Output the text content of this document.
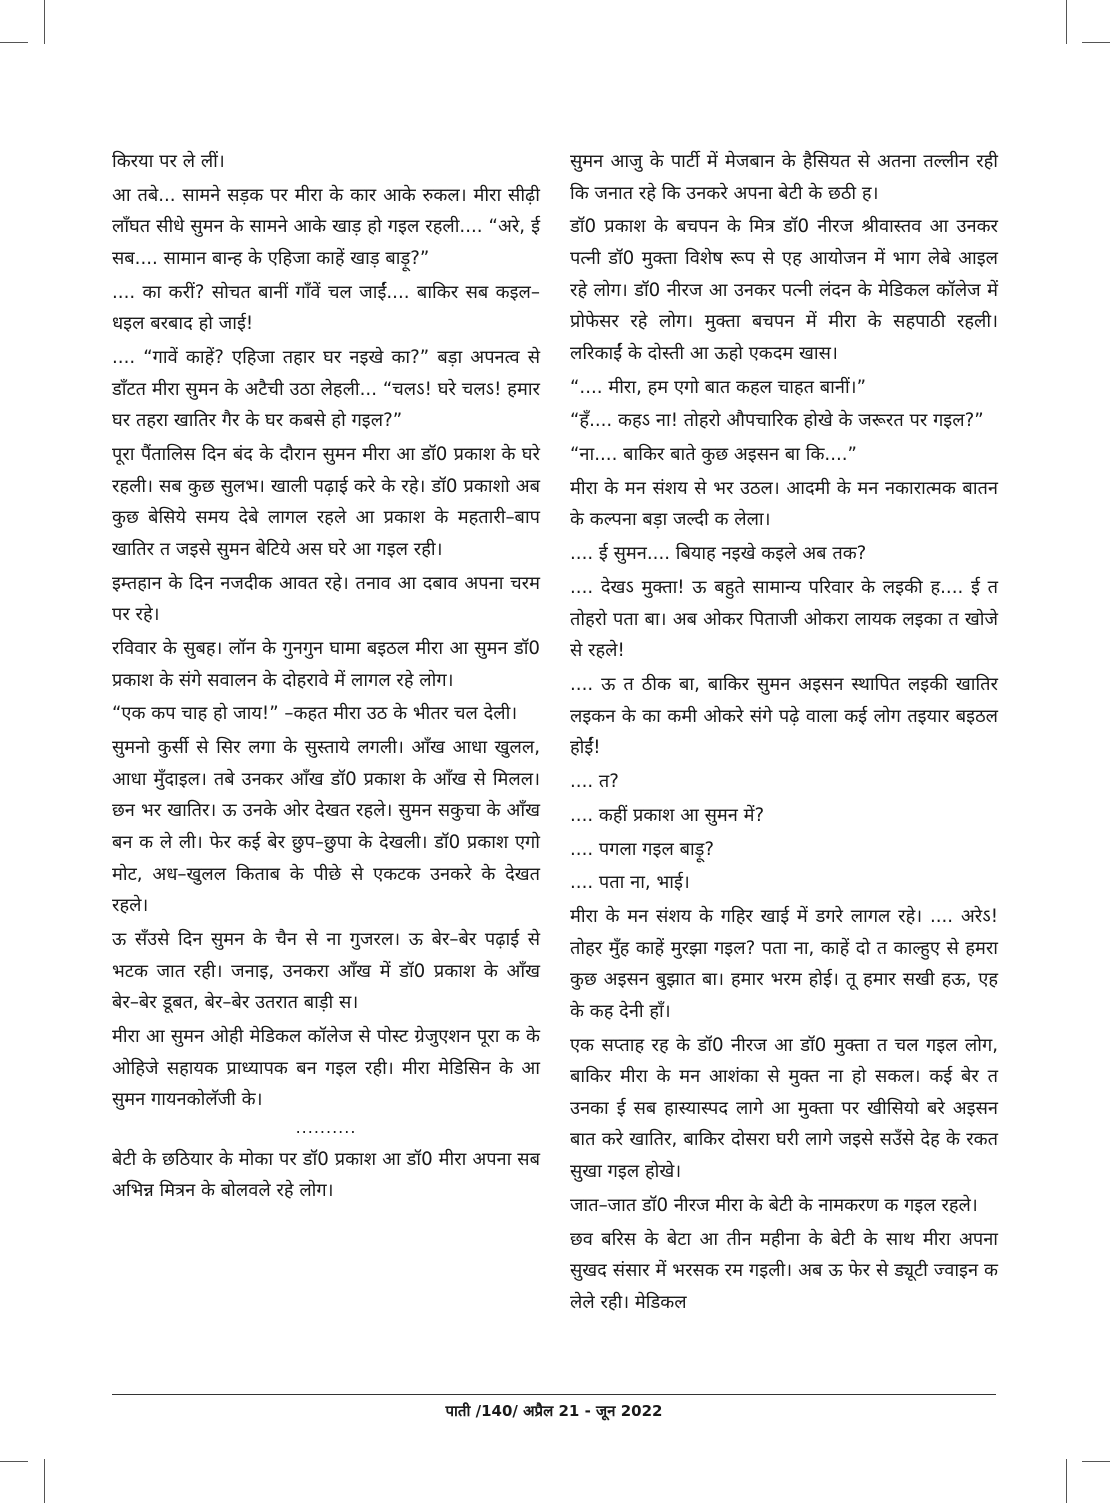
किरया पर ले लीं।

आ तबे... सामने सड़क पर मीरा के कार आके रुकल। मीरा सीढ़ी लाँघत सीधे सुमन के सामने आके खाड़ हो गइल रहली.... “अरे, ई सब.... सामान बान्ह के एहिजा काहें खाड़ बाड़ू?”

.... का करीं? सोचत बानीं गाँवें चल जाईं.... बाकिर सब कइल–धइल बरबाद हो जाई!

.... “गावें काहें? एहिजा तहार घर नइखे का?” बड़ा अपनत्व से डाँटत मीरा सुमन के अटैची उठा लेहली... “चलऽ! घरे चलऽ! हमार घर तहरा खातिर गैर के घर कबसे हो गइल?”

पूरा पैंतालिस दिन बंद के दौरान सुमन मीरा आ डॉ0 प्रकाश के घरे रहली। सब कुछ सुलभ। खाली पढ़ाई करे के रहे। डॉ0 प्रकाशो अब कुछ बेसिये समय देबे लागल रहले आ प्रकाश के महतारी–बाप खातिर त जइसे सुमन बेटिये अस घरे आ गइल रही।

इम्तहान के दिन नजदीक आवत रहे। तनाव आ दबाव अपना चरम पर रहे।

रविवार के सुबह। लॉन के गुनगुन घामा बइठल मीरा आ सुमन डॉ0 प्रकाश के संगे सवालन के दोहरावे में लागल रहे लोग।

“एक कप चाह हो जाय!” –कहत मीरा उठ के भीतर चल देली।

सुमनो कुर्सी से सिर लगा के सुस्ताये लगली। आँख आधा खुलल, आधा मुँदाइल। तबे उनकर आँख डॉ0 प्रकाश के आँख से मिलल। छन भर खातिर। ऊ उनके ओर देखत रहले। सुमन सकुचा के आँख बन क ले ली। फेर कई बेर छुप–छुपा के देखली। डॉ0 प्रकाश एगो मोट, अध–खुलल किताब के पीछे से एकटक उनकरे के देखत रहले।

ऊ सँउसे दिन सुमन के चैन से ना गुजरल। ऊ बेर–बेर पढ़ाई से भटक जात रही। जनाइ, उनकरा आँख में डॉ0 प्रकाश के आँख बेर–बेर डूबत, बेर–बेर उतरात बाड़ी स।

मीरा आ सुमन ओही मेडिकल कॉलेज से पोस्ट ग्रेजुएशन पूरा क के ओहिजे सहायक प्राध्यापक बन गइल रही। मीरा मेडिसिन के आ सुमन गायनकोलॅजी के।

..........

बेटी के छठियार के मोका पर डॉ0 प्रकाश आ डॉ0 मीरा अपना सब अभिन्न मित्रन के बोलवले रहे लोग।

सुमन आजु के पार्टी में मेजबान के हैसियत से अतना तल्लीन रही कि जनात रहे कि उनकरे अपना बेटी के छठी ह।

डॉ0 प्रकाश के बचपन के मित्र डॉ0 नीरज श्रीवास्तव आ उनकर पत्नी डॉ0 मुक्ता विशेष रूप से एह आयोजन में भाग लेबे आइल रहे लोग। डॉ0 नीरज आ उनकर पत्नी लंदन के मेडिकल कॉलेज में प्रोफेसर रहे लोग। मुक्ता बचपन में मीरा के सहपाठी रहली। लरिकाईं के दोस्ती आ ऊहो एकदम खास।

“.... मीरा, हम एगो बात कहल चाहत बानीं।”

“हँ.... कहऽ ना! तोहरो औपचारिक होखे के जरूरत पर गइल?”

“ना.... बाकिर बाते कुछ अइसन बा कि....”

मीरा के मन संशय से भर उठल। आदमी के मन नकारात्मक बातन के कल्पना बड़ा जल्दी क लेला।

.... ई सुमन.... बियाह नइखे कइले अब तक?

.... देखऽ मुक्ता! ऊ बहुते सामान्य परिवार के लइकी ह.... ई त तोहरो पता बा। अब ओकर पिताजी ओकरा लायक लइका त खोजे से रहले!

.... ऊ त ठीक बा, बाकिर सुमन अइसन स्थापित लइकी खातिर लइकन के का कमी ओकरे संगे पढ़े वाला कई लोग तइयार बइठल होईं!

.... त?

.... कहीं प्रकाश आ सुमन में?

.... पगला गइल बाड़ू?

.... पता ना, भाई।

मीरा के मन संशय के गहिर खाई में डगरे लागल रहे। .... अरेऽ! तोहर मुँह काहें मुरझा गइल? पता ना, काहें दो त काल्हुए से हमरा कुछ अइसन बुझात बा। हमार भरम होई। तू हमार सखी हऊ, एह के कह देनी हाँ।

एक सप्ताह रह के डॉ0 नीरज आ डॉ0 मुक्ता त चल गइल लोग, बाकिर मीरा के मन आशंका से मुक्त ना हो सकल। कई बेर त उनका ई सब हास्यास्पद लागे आ मुक्ता पर खीसियो बरे अइसन बात करे खातिर, बाकिर दोसरा घरी लागे जइसे सउँसे देह के रकत सुखा गइल होखे।

जात–जात डॉ0 नीरज मीरा के बेटी के नामकरण क गइल रहले।

छव बरिस के बेटा आ तीन महीना के बेटी के साथ मीरा अपना सुखद संसार में भरसक रम गइली। अब ऊ फेर से ड्यूटी ज्वाइन क लेले रही। मेडिकल

पाती /140/ अप्रैल 21 - जून 2022
